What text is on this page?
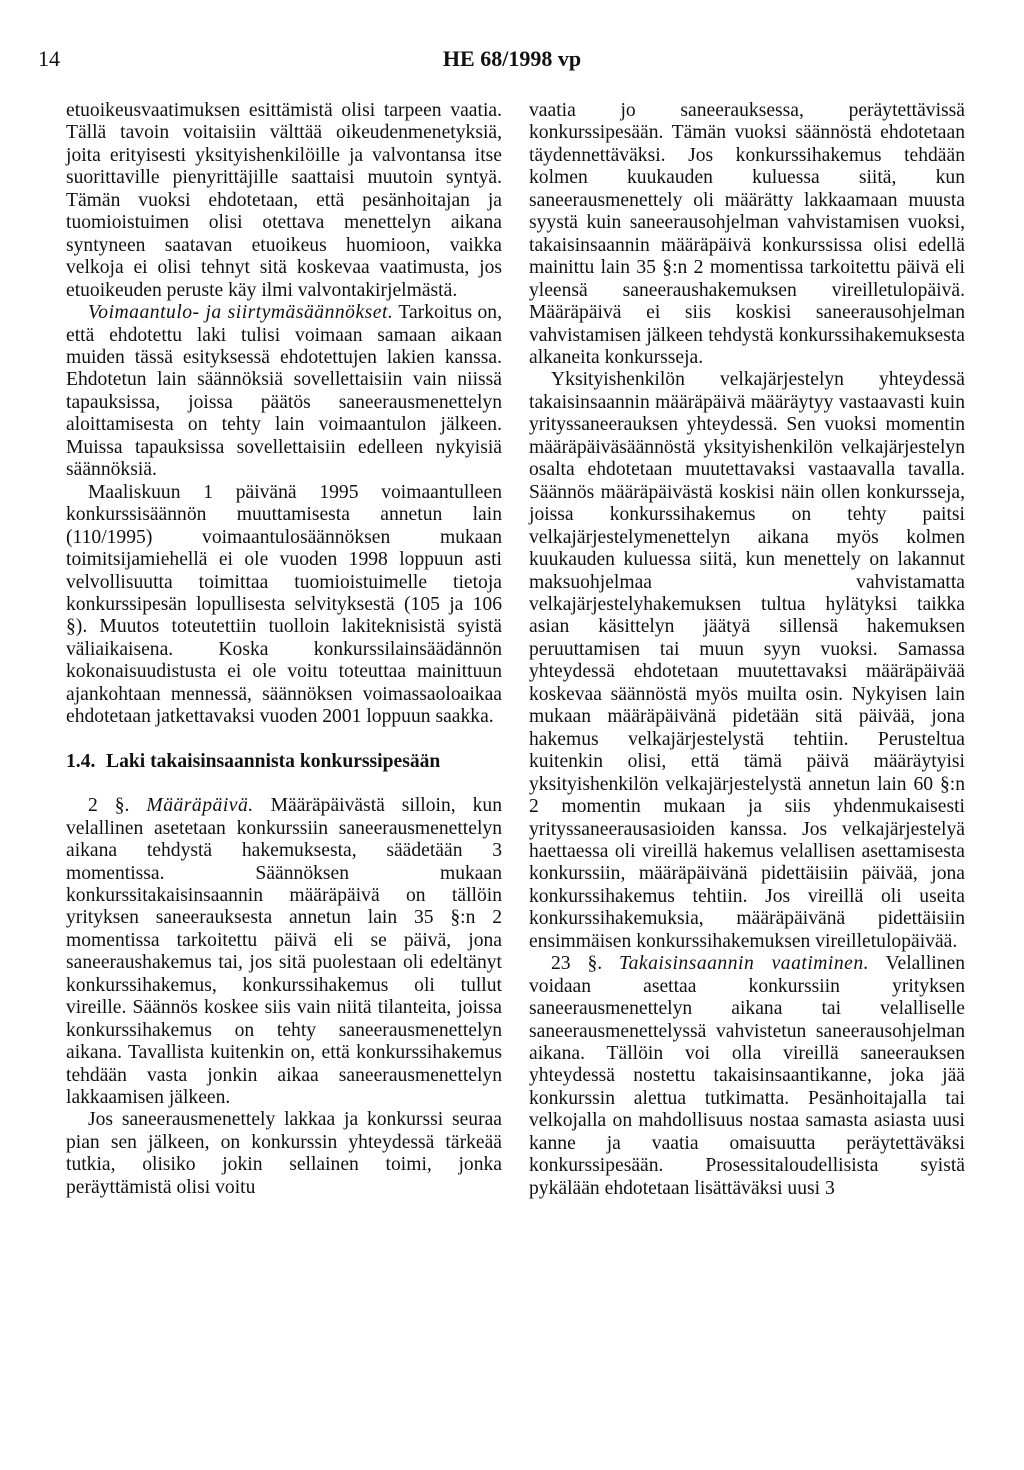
14	HE 68/1998 vp

etuoikeusvaatimuksen esittämistä olisi tarpeen vaatia. Tällä tavoin voitaisiin välttää oikeudenmenetyksiä, joita erityisesti yksityishenkilöille ja valvontansa itse suorittaville pienyrittäjille saattaisi muutoin syntyä. Tämän vuoksi ehdotetaan, että pesänhoitajan ja tuomioistuimen olisi otettava menettelyn aikana syntyneen saatavan etuoikeus huomioon, vaikka velkoja ei olisi tehnyt sitä koskevaa vaatimusta, jos etuoikeuden peruste käy ilmi valvontakirjelmästä.

Voimaantulo- ja siirtymäsäännökset. Tarkoitus on, että ehdotettu laki tulisi voimaan samaan aikaan muiden tässä esityksessä ehdotettujen lakien kanssa. Ehdotetun lain säännöksiä sovellettaisiin vain niissä tapauksissa, joissa päätös saneerausmenettelyn aloittamisesta on tehty lain voimaantulon jälkeen. Muissa tapauksissa sovellettaisiin edelleen nykyisiä säännöksiä.

Maaliskuun 1 päivänä 1995 voimaantulleen konkurssisäännön muuttamisesta annetun lain (110/1995) voimaantulosäännöksen mukaan toimitsijamiehellä ei ole vuoden 1998 loppuun asti velvollisuutta toimittaa tuomioistuimelle tietoja konkurssipesän lopullisesta selvityksestä (105 ja 106 §). Muutos toteutettiin tuolloin lakiteknisistä syistä väliaikaisena. Koska konkurssilainsäädännön kokonaisuudistusta ei ole voitu toteuttaa mainittuun ajankohtaan mennessä, säännöksen voimassaoloaikaa ehdotetaan jatkettavaksi vuoden 2001 loppuun saakka.

1.4. Laki takaisinsaannista konkurssipesään

2 §. Määräpäivä. Määräpäivästä silloin, kun velallinen asetetaan konkurssiin saneerausmenettelyn aikana tehdystä hakemuksesta, säädetään 3 momentissa. Säännöksen mukaan konkurssitakaisinsaannin määräpäivä on tällöin yrityksen saneerauksesta annetun lain 35 §:n 2 momentissa tarkoitettu päivä eli se päivä, jona saneeraushakemus tai, jos sitä puolestaan oli edeltänyt konkurssihakemus, konkurssihakemus oli tullut vireille. Säännös koskee siis vain niitä tilanteita, joissa konkurssihakemus on tehty saneerausmenettelyn aikana. Tavallista kuitenkin on, että konkurssihakemus tehdään vasta jonkin aikaa saneerausmenettelyn lakkaamisen jälkeen.

Jos saneerausmenettely lakkaa ja konkurssi seuraa pian sen jälkeen, on konkurssin yhteydessä tärkeää tutkia, olisiko jokin sellainen toimi, jonka peräyttämistä olisi voitu

vaatia jo saneerauksessa, peräytettävissä konkurssipesään. Tämän vuoksi säännöstä ehdotetaan täydennettäväksi. Jos konkurssihakemus tehdään kolmen kuukauden kuluessa siitä, kun saneerausmenettely oli määrätty lakkaamaan muusta syystä kuin saneerausohjelman vahvistamisen vuoksi, takaisinsaannin määräpäivä konkurssissa olisi edellä mainittu lain 35 §:n 2 momentissa tarkoitettu päivä eli yleensä saneeraushakemuksen vireilletulopäivä. Määräpäivä ei siis koskisi saneerausohjelman vahvistamisen jälkeen tehdystä konkurssihakemuksesta alkaneita konkursseja.

Yksityishenkilön velkajärjestelyn yhteydessä takaisinsaannin määräpäivä määräytyy vastaavasti kuin yrityssaneerauksen yhteydessä. Sen vuoksi momentin määräpäiväsäännöstä yksityishenkilön velkajärjestelyn osalta ehdotetaan muutettavaksi vastaavalla tavalla. Säännös määräpäivästä koskisi näin ollen konkursseja, joissa konkurssihakemus on tehty paitsi velkajärjestelymenettelyn aikana myös kolmen kuukauden kuluessa siitä, kun menettely on lakannut maksuohjelmaa vahvistamatta velkajärjestelyhakemuksen tultua hylätyksi taikka asian käsittelyn jäätyä sillensä hakemuksen peruuttamisen tai muun syyn vuoksi. Samassa yhteydessä ehdotetaan muutettavaksi määräpäivää koskevaa säännöstä myös muilta osin. Nykyisen lain mukaan määräpäivänä pidetään sitä päivää, jona hakemus velkajärjestelystä tehtiin. Perusteltua kuitenkin olisi, että tämä päivä määräytyisi yksityishenkilön velkajärjestelystä annetun lain 60 §:n 2 momentin mukaan ja siis yhdenmukaisesti yrityssaneerausasioiden kanssa. Jos velkajärjestelyä haettaessa oli vireillä hakemus velallisen asettamisesta konkurssiin, määräpäivänä pidettäisiin päivää, jona konkurssihakemus tehtiin. Jos vireillä oli useita konkurssihakemuksia, määräpäivänä pidettäisiin ensimmäisen konkurssihakemuksen vireilletulopäivää.

23 §. Takaisinsaannin vaatiminen. Velallinen voidaan asettaa konkurssiin yrityksen saneerausmenettelyn aikana tai velalliselle saneerausmenettelyssä vahvistetun saneerausohjelman aikana. Tällöin voi olla vireillä saneerauksen yhteydessä nostettu takaisinsaantikanne, joka jää konkurssin alettua tutkimatta. Pesänhoitajalla tai velkojalla on mahdollisuus nostaa samasta asiasta uusi kanne ja vaatia omaisuutta peräytettäväksi konkurssipesään. Prosessitaloudellisista syistä pykälään ehdotetaan lisättäväksi uusi 3
